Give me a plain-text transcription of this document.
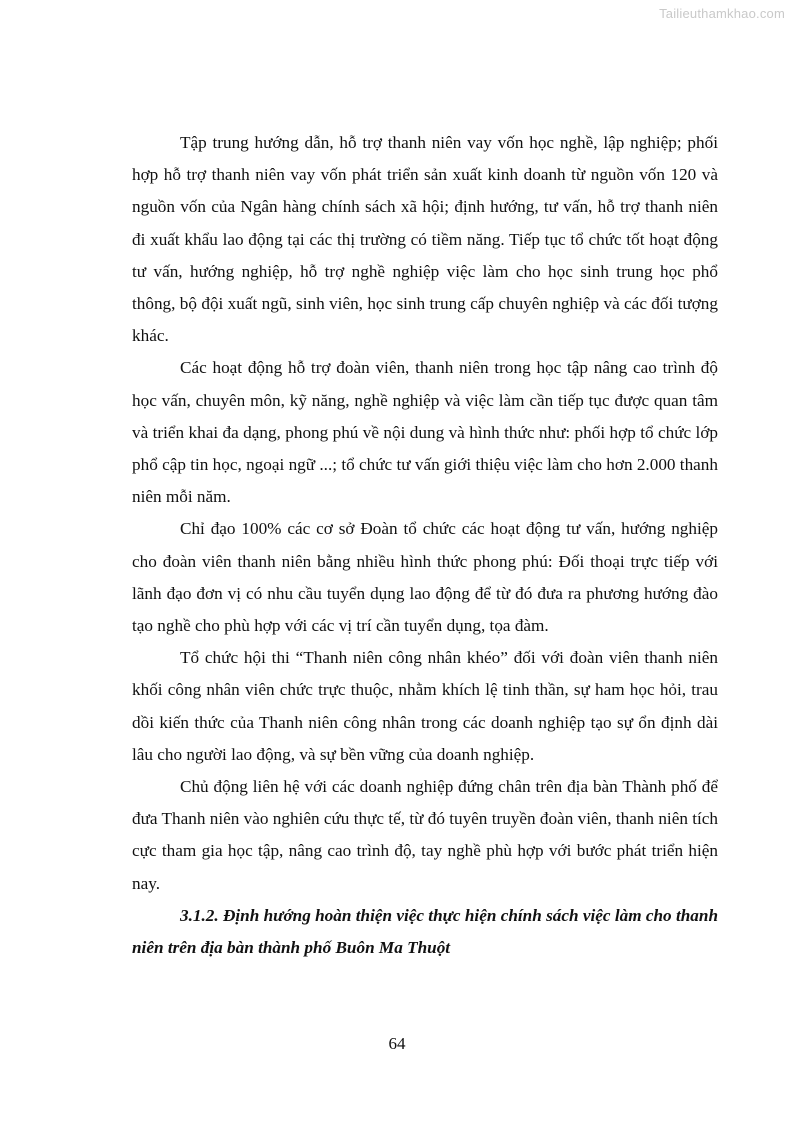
Tailieuthamkhao.com

Tập trung hướng dẫn, hỗ trợ thanh niên vay vốn học nghề, lập nghiệp; phối hợp hỗ trợ thanh niên vay vốn phát triển sản xuất kinh doanh từ nguồn vốn 120 và nguồn vốn của Ngân hàng chính sách xã hội; định hướng, tư vấn, hỗ trợ thanh niên đi xuất khẩu lao động tại các thị trường có tiềm năng. Tiếp tục tổ chức tốt hoạt động tư vấn, hướng nghiệp, hỗ trợ nghề nghiệp việc làm cho học sinh trung học phổ thông, bộ đội xuất ngũ, sinh viên, học sinh trung cấp chuyên nghiệp và các đối tượng khác.

Các hoạt động hỗ trợ đoàn viên, thanh niên trong học tập nâng cao trình độ học vấn, chuyên môn, kỹ năng, nghề nghiệp và việc làm cần tiếp tục được quan tâm và triển khai đa dạng, phong phú về nội dung và hình thức như: phối hợp tổ chức lớp phổ cập tin học, ngoại ngữ ...; tổ chức tư vấn giới thiệu việc làm cho hơn 2.000 thanh niên mỗi năm.

Chỉ đạo 100% các cơ sở Đoàn tổ chức các hoạt động tư vấn, hướng nghiệp cho đoàn viên thanh niên bằng nhiều hình thức phong phú: Đối thoại trực tiếp với lãnh đạo đơn vị có nhu cầu tuyển dụng lao động để từ đó đưa ra phương hướng đào tạo nghề cho phù hợp với các vị trí cần tuyển dụng, tọa đàm.

Tổ chức hội thi “Thanh niên công nhân khéo” đối với đoàn viên thanh niên khối công nhân viên chức trực thuộc, nhằm khích lệ tinh thần, sự ham học hỏi, trau dồi kiến thức của Thanh niên công nhân trong các doanh nghiệp tạo sự ổn định dài lâu cho người lao động, và sự bền vững của doanh nghiệp.

Chủ động liên hệ với các doanh nghiệp đứng chân trên địa bàn Thành phố để đưa Thanh niên vào nghiên cứu thực tế, từ đó tuyên truyền đoàn viên, thanh niên tích cực tham gia học tập, nâng cao trình độ, tay nghề phù hợp với bước phát triển hiện nay.

3.1.2. Định hướng hoàn thiện việc thực hiện chính sách việc làm cho thanh niên trên địa bàn thành phố Buôn Ma Thuột

64
